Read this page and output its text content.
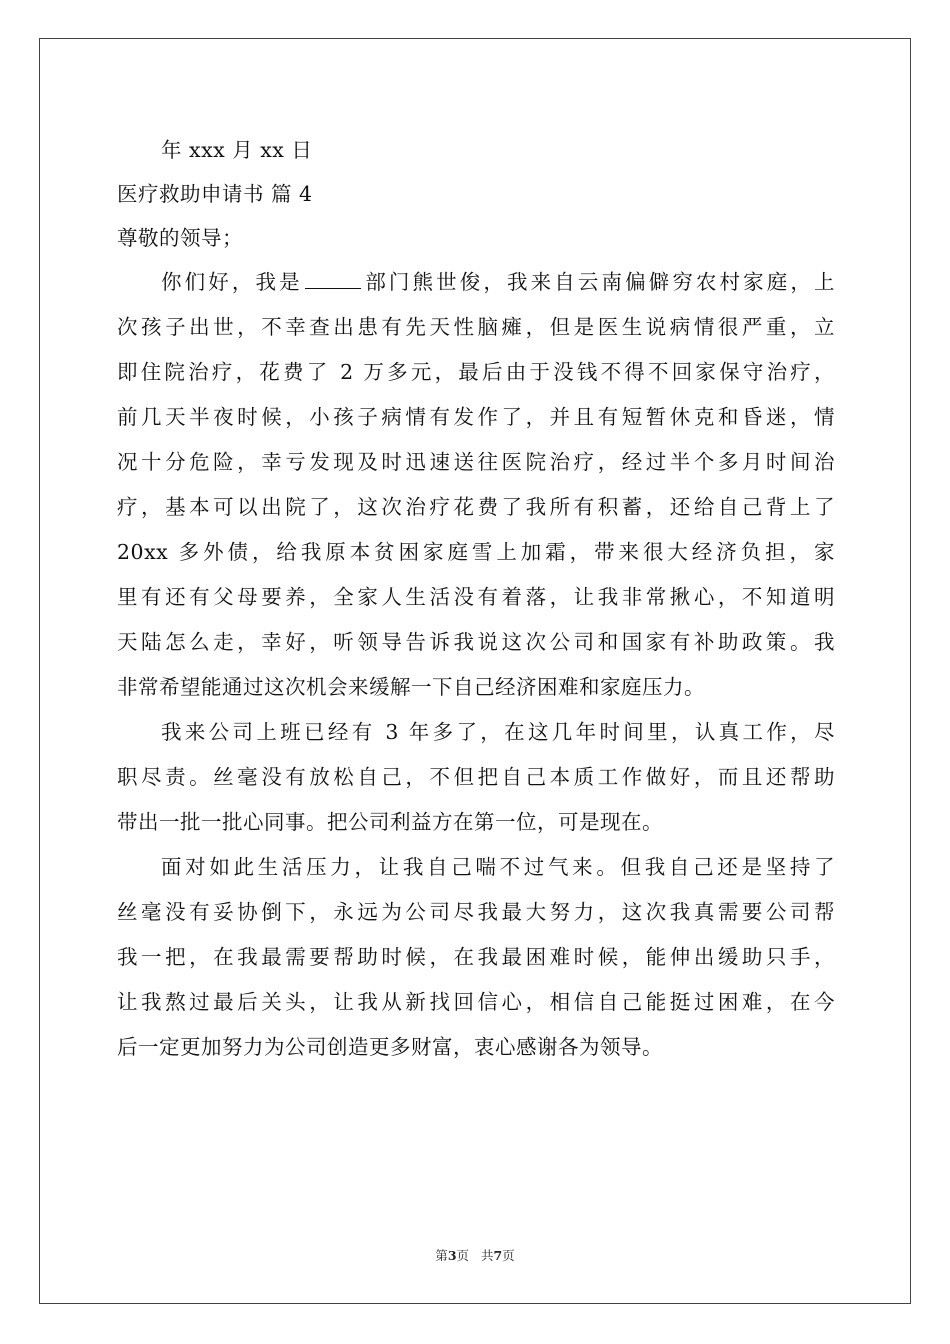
年 xxx 月 xx 日
医疗救助申请书 篇 4
尊敬的领导；
你们好，我是	部门熊世俊，我来自云南偏僻穷农村家庭，上
次孩子出世，不幸查出患有先天性脑瘫，但是医生说病情很严重，立
即住院治疗，花费了 2 万多元，最后由于没钱不得不回家保守治疗，
前几天半夜时候，小孩子病情有发作了，并且有短暂休克和昏迷，情
况十分危险，幸亏发现及时迅速送往医院治疗，经过半个多月时间治
疗，基本可以出院了，这次治疗花费了我所有积蓄，还给自己背上了
20xx 多外债，给我原本贫困家庭雪上加霜，带来很大经济负担，家
里有还有父母要养，全家人生活没有着落，让我非常揪心，不知道明
天陆怎么走，幸好，听领导告诉我说这次公司和国家有补助政策。我
非常希望能通过这次机会来缓解一下自己经济困难和家庭压力。
我来公司上班已经有 3 年多了，在这几年时间里，认真工作，尽
职尽责。丝毫没有放松自己，不但把自己本质工作做好，而且还帮助
带出一批一批心同事。把公司利益方在第一位，可是现在。
面对如此生活压力，让我自己喘不过气来。但我自己还是坚持了
丝毫没有妥协倒下，永远为公司尽我最大努力，这次我真需要公司帮
我一把，在我最需要帮助时候，在我最困难时候，能伸出缓助只手，
让我熬过最后关头，让我从新找回信心，相信自己能挺过困难，在今
后一定更加努力为公司创造更多财富，衷心感谢各为领导。
第3页 共7页
